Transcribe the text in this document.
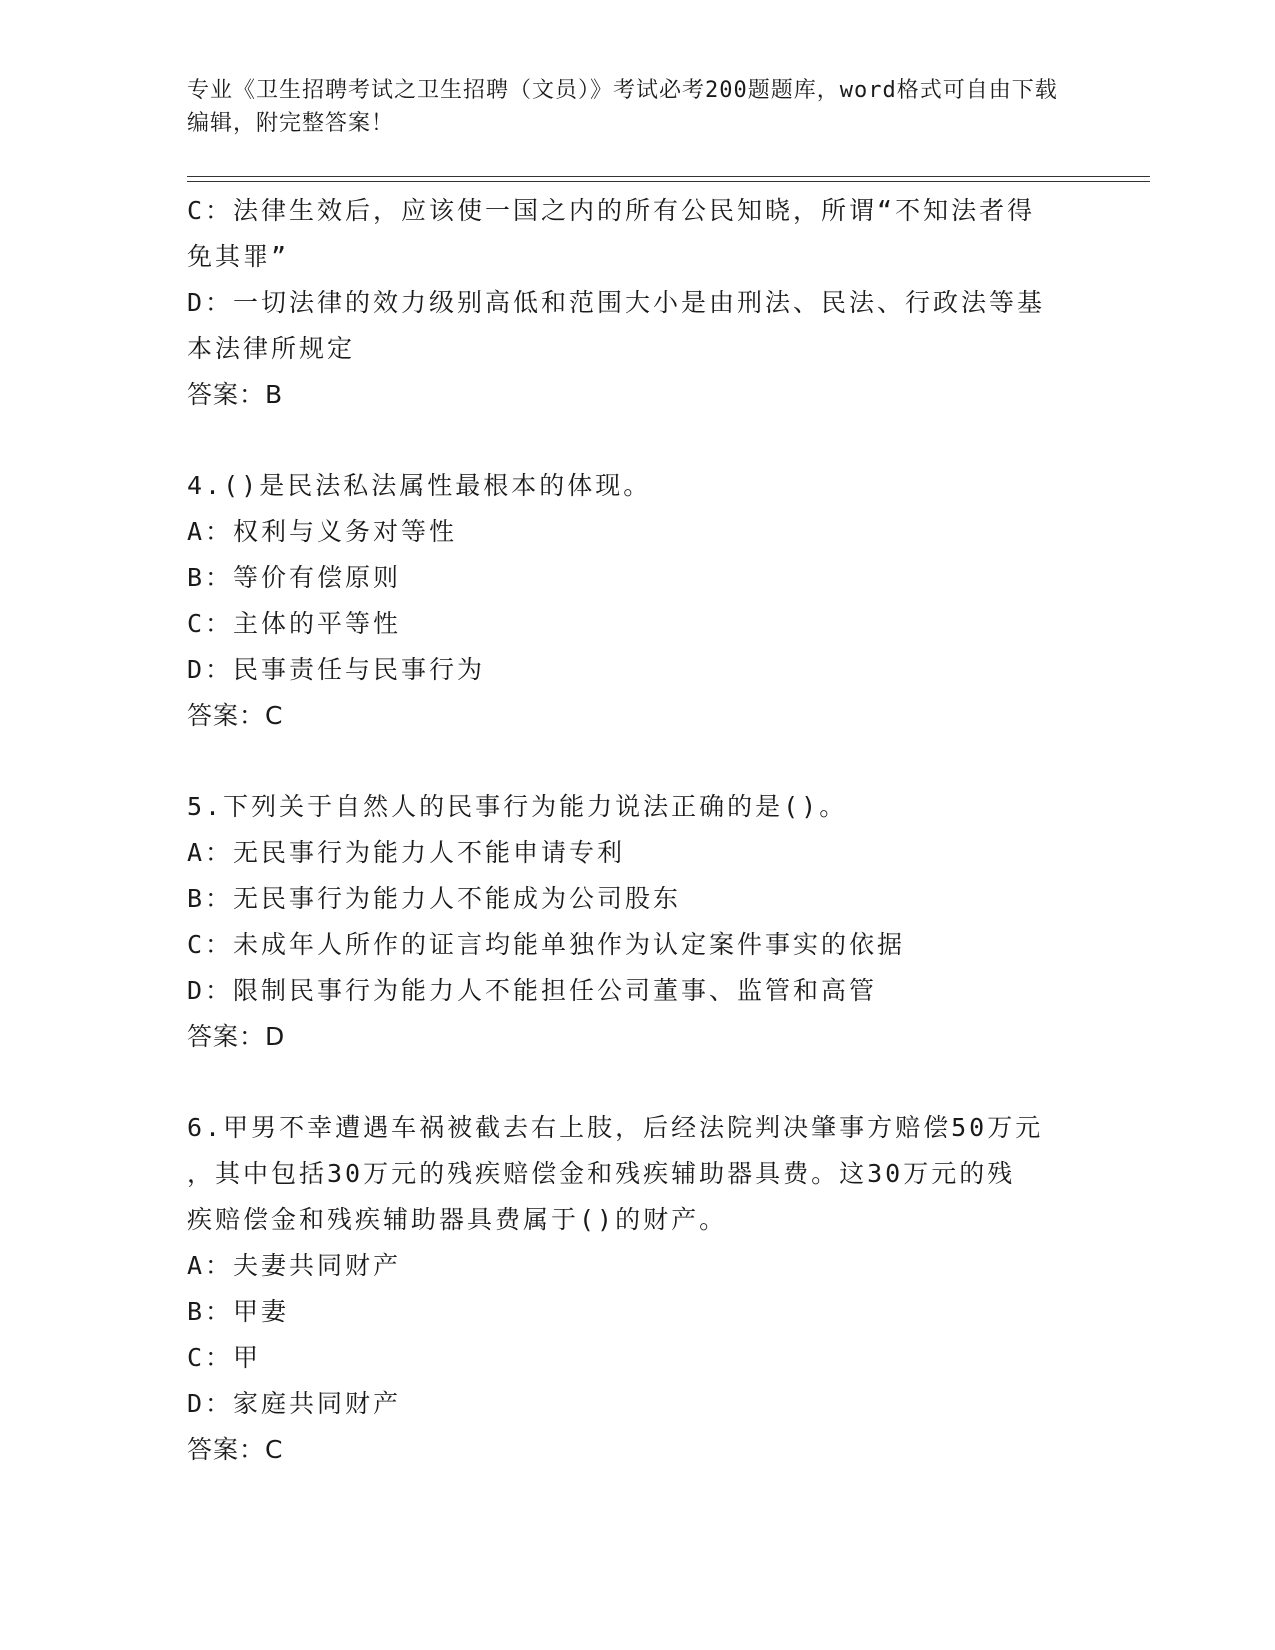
专业《卫生招聘考试之卫生招聘（文员）》考试必考200题题库，word格式可自由下载编辑，附完整答案！
C：法律生效后，应该使一国之内的所有公民知晓，所谓“不知法者得
免其罪”
D：一切法律的效力级别高低和范围大小是由刑法、民法、行政法等基
本法律所规定
答案：B
4.()是民法私法属性最根本的体现。
A：权利与义务对等性
B：等价有偿原则
C：主体的平等性
D：民事责任与民事行为
答案：C
5.下列关于自然人的民事行为能力说法正确的是()。
A：无民事行为能力人不能申请专利
B：无民事行为能力人不能成为公司股东
C：未成年人所作的证言均能单独作为认定案件事实的依据
D：限制民事行为能力人不能担任公司董事、监管和高管
答案：D
6.甲男不幸遭遇车祸被截去右上肢，后经法院判决肇事方赔偿50万元
，其中包括30万元的残疾赔偿金和残疾辅助器具费。这30万元的残
疾赔偿金和残疾辅助器具费属于()的财产。
A：夫妻共同财产
B：甲妻
C：甲
D：家庭共同财产
答案：C
